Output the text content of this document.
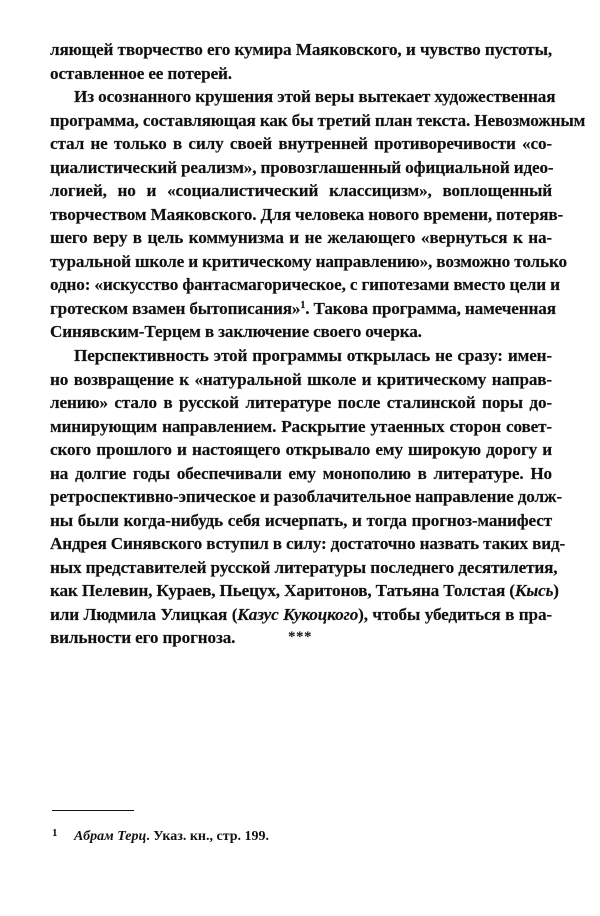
ляющей творчество его кумира Маяковского, и чувство пустоты,
оставленное ее потерей.
Из осознанного крушения этой веры вытекает художественная
программа, составляющая как бы третий план текста. Невозможным
стал не только в силу своей внутренней противоречивости «со-
циалистический реализм», провозглашенный официальной идео-
логией, но и «социалистический классицизм», воплощенный
творчеством Маяковского. Для человека нового времени, потеряв-
шего веру в цель коммунизма и не желающего «вернуться к на-
туральной школе и критическому направлению», возможно только
одно: «искусство фантасмагорическое, с гипотезами вместо цели и
гротеском взамен бытописания»$^1$. Такова программа, намеченная
Синявским-Терцем в заключение своего очерка.
Перспективность этой программы открылась не сразу: имен-
но возвращение к «натуральной школе и критическому направ-
лению» стало в русской литературе после сталинской поры до-
минирующим направлением. Раскрытие утаенных сторон совет-
ского прошлого и настоящего открывало ему широкую дорогу и
на долгие годы обеспечивали ему монополию в литературе. Но
ретроспективно-эпическое и разоблачительное направление долж-
ны были когда-нибудь себя исчерпать, и тогда прогноз-манифест
Андрея Синявского вступил в силу: достаточно назвать таких вид-
ных представителей русской литературы последнего десятилетия,
как Пелевин, Кураев, Пьецух, Харитонов, Татьяна Толстая (Кысь)
или Людмила Улицкая (Казус Кукоцкого), чтобы убедиться в пра-
вильности его прогноза.	***
1 Абрам Терц. Указ. кн., стр. 199.
